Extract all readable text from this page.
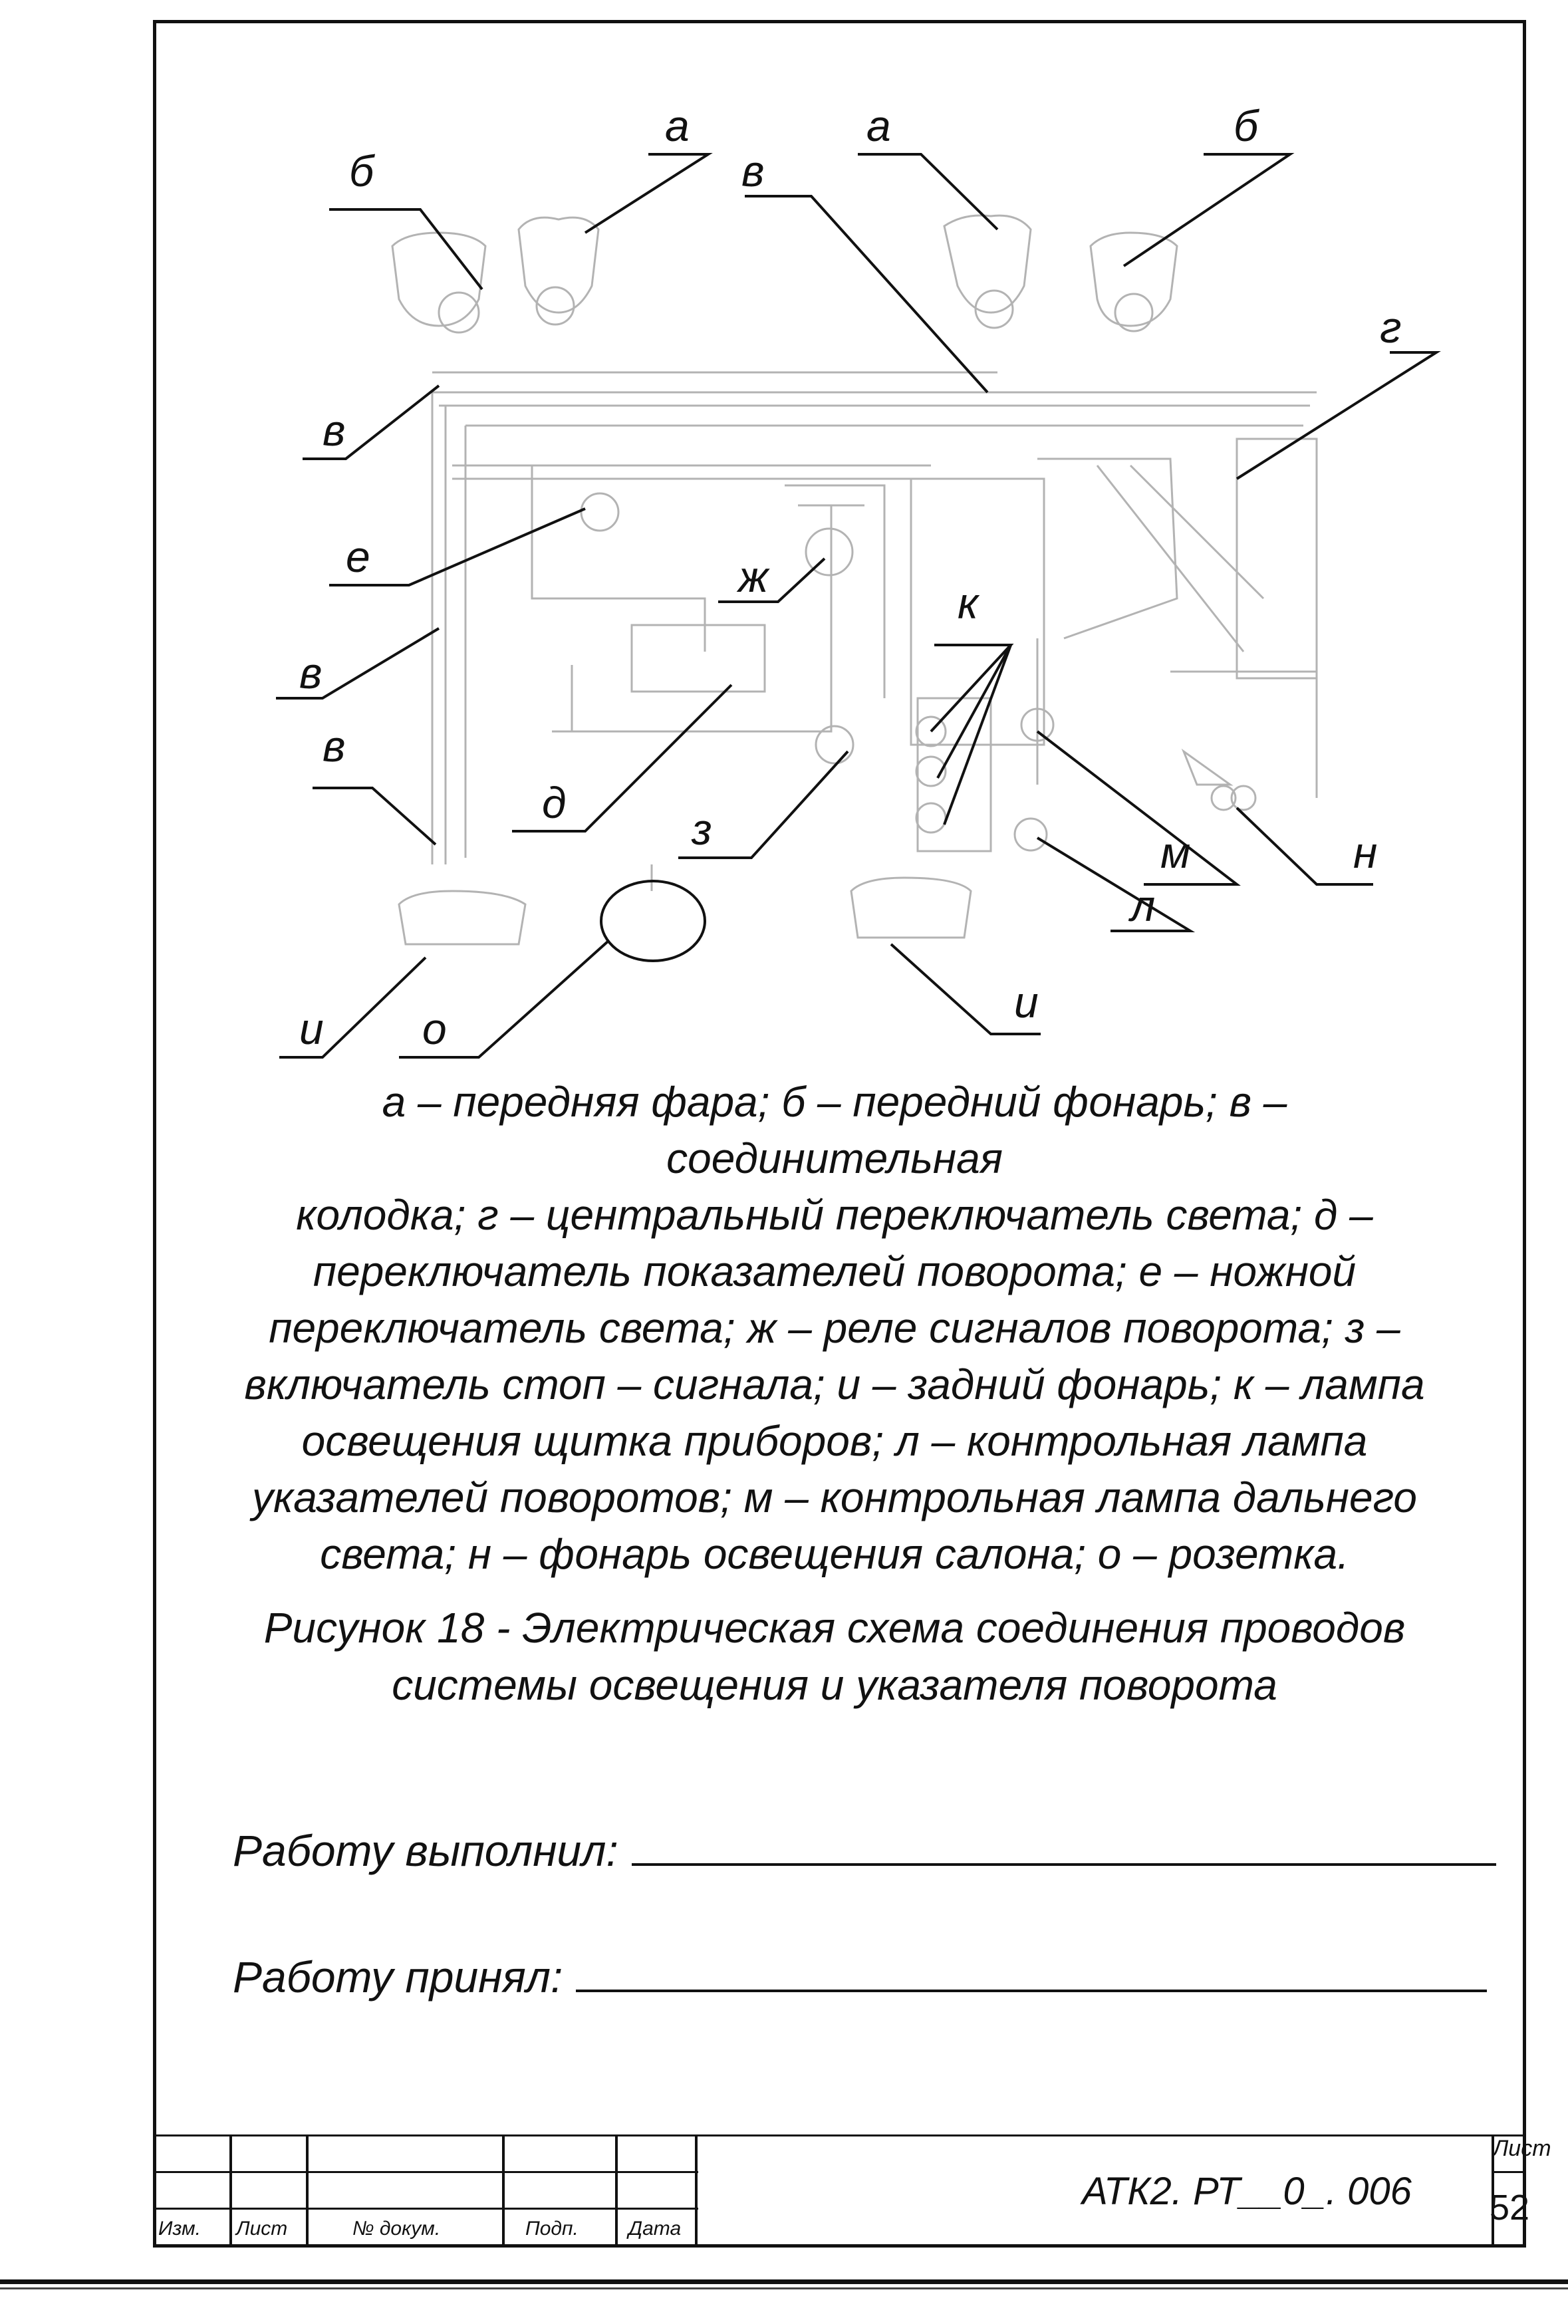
б
а
в
а	б
г
в
е	ж
к
в
в
д
з	м	н
л
и
и о
а – передняя фара; б – передний фонарь; в – соединительная
колодка; г – центральный переключатель света; д –
переключатель показателей поворота; е – ножной
переключатель света; ж – реле сигналов поворота; з –
включатель стоп – сигнала; и – задний фонарь; к – лампа
освещения щитка приборов; л – контрольная лампа
указателей поворотов; м – контрольная лампа дальнего
света; н – фонарь освещения салона; о – розетка.
Рисунок 18 - Электрическая схема соединения проводов
системы освещения и указателя поворота
Работу выполнил:
Работу принял:
Изм. Лист	№ докум.	Подп.	Дата
АТК2. РТ__0_. 006
Лист
52
